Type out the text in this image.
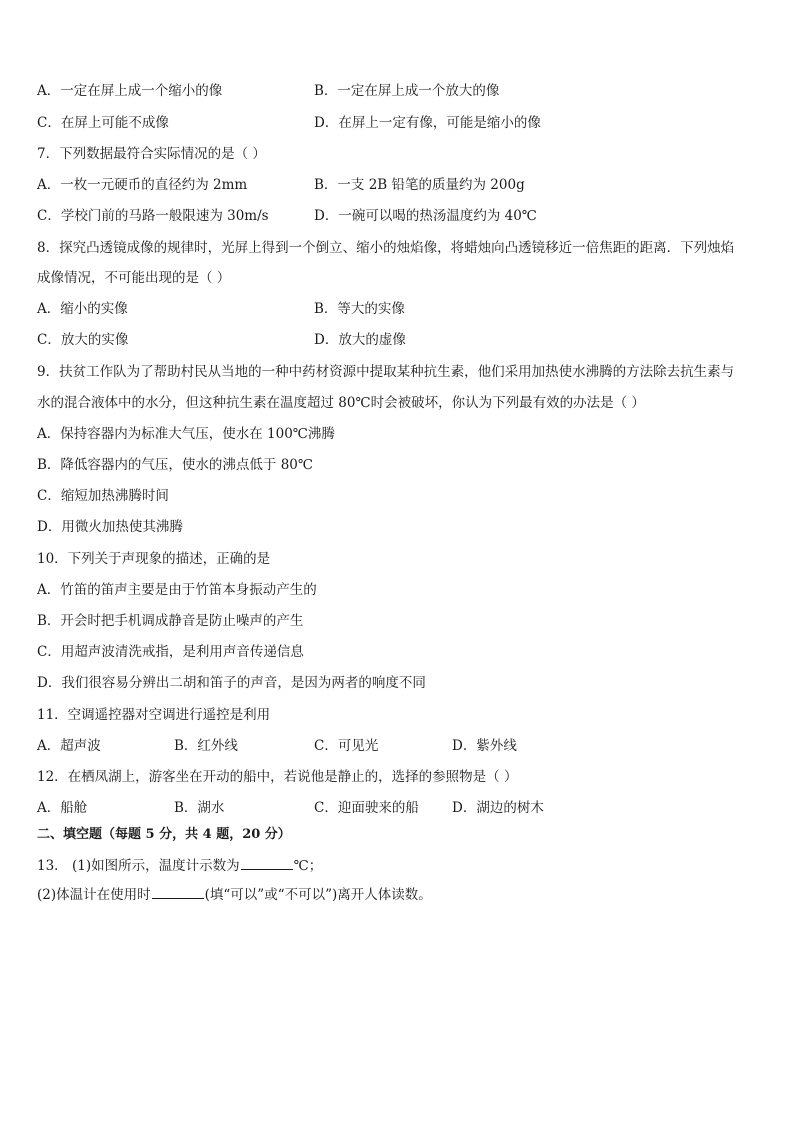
A．一定在屏上成一个缩小的像	B．一定在屏上成一个放大的像
C．在屏上可能不成像	D．在屏上一定有像，可能是缩小的像
7．下列数据最符合实际情况的是（ ）
A．一枚一元硬币的直径约为 2mm	B．一支 2B 铅笔的质量约为 200g
C．学校门前的马路一般限速为 30m/s	D．一碗可以喝的热汤温度约为 40℃
8．探究凸透镜成像的规律时，光屏上得到一个倒立、缩小的烛焰像，将蜡烛向凸透镜移近一倍焦距的距离．下列烛焰
成像情况，不可能出现的是（ ）
A．缩小的实像	B．等大的实像
C．放大的实像	D．放大的虚像
9．扶贫工作队为了帮助村民从当地的一种中药材资源中提取某种抗生素，他们采用加热使水沸腾的方法除去抗生素与
水的混合液体中的水分，但这种抗生素在温度超过 80℃时会被破坏，你认为下列最有效的办法是（ ）
A．保持容器内为标准大气压，使水在 100℃沸腾
B．降低容器内的气压，使水的沸点低于 80℃
C．缩短加热沸腾时间
D．用微火加热使其沸腾
10．下列关于声现象的描述，正确的是
A．竹笛的笛声主要是由于竹笛本身振动产生的
B．开会时把手机调成静音是防止噪声的产生
C．用超声波清洗戒指，是利用声音传递信息
D．我们很容易分辨出二胡和笛子的声音，是因为两者的响度不同
11．空调遥控器对空调进行遥控是利用
A．超声波	B．红外线	C．可见光	D．紫外线
12．在栖凤湖上，游客坐在开动的船中，若说他是静止的，选择的参照物是（ ）
A．船舱	B．湖水	C．迎面驶来的船 D．湖边的树木
二、填空题（每题 5 分，共 4 题，20 分）
13． (1)如图所示，温度计示数为	℃；
(2)体温计在使用时	(填“可以”或“不可以”)离开人体读数。
